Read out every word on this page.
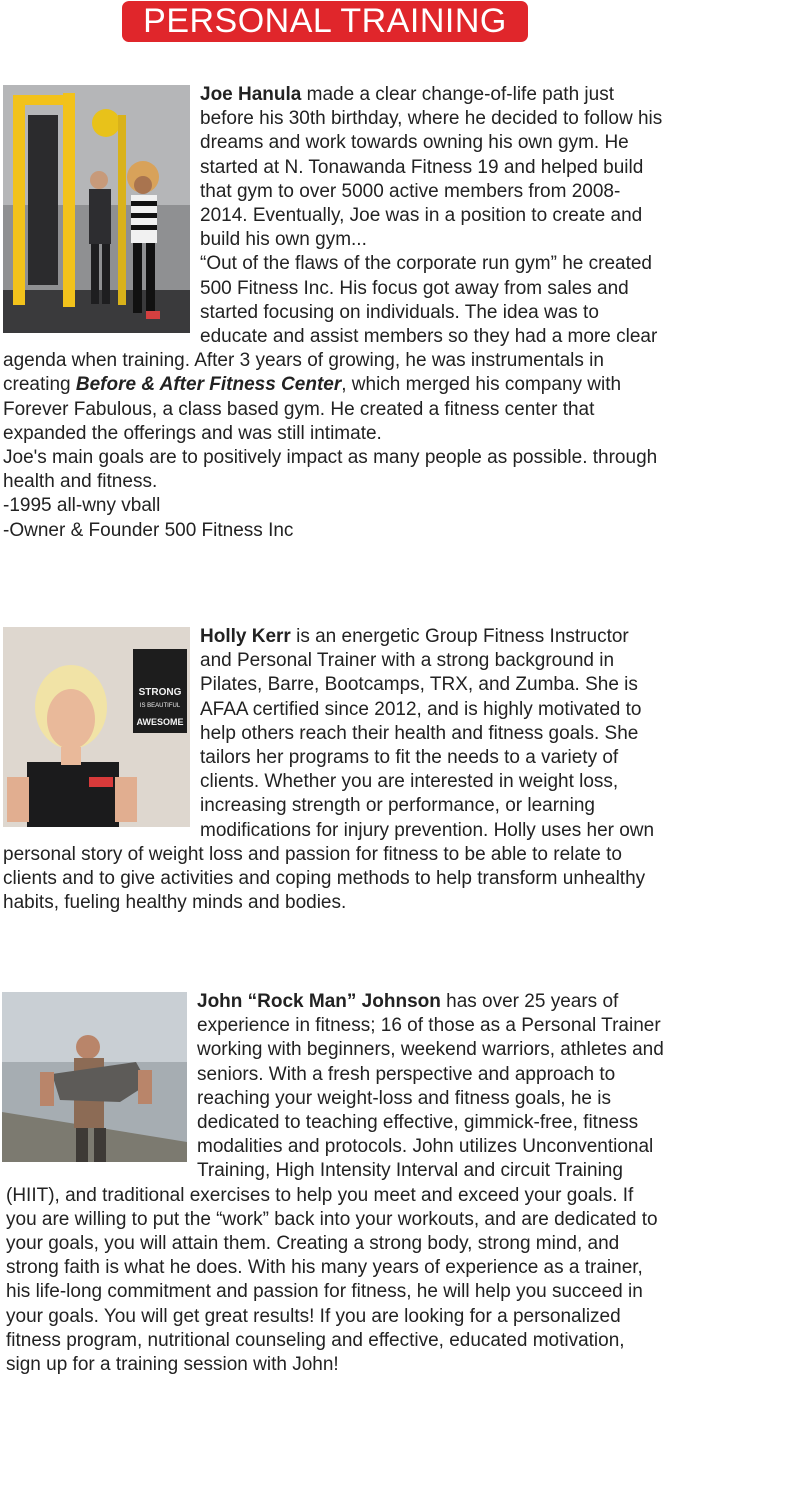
PERSONAL TRAINING

Joe Hanula made a clear change-of-life path just before his 30th birthday, where he decided to follow his dreams and work towards owning his own gym. He started at N. Tonawanda Fitness 19 and helped build that gym to over 5000 active members from 2008-2014. Eventually, Joe was in a position to create and build his own gym...

“Out of the flaws of the corporate run gym” he created 500 Fitness Inc. His focus got away from sales and started focusing on individuals. The idea was to educate and assist members so they had a more clear agenda when training. After 3 years of growing, he was instrumentals in creating Before & After Fitness Center, which merged his company with Forever Fabulous, a class based gym. He created a fitness center that expanded the offerings and was still intimate.

Joe's main goals are to positively impact as many people as possible. through health and fitness.

-1995 all-wny vball

-Owner & Founder 500 Fitness Inc

STRONG
IS BEAUTIFUL
AWESOME

Holly Kerr is an energetic Group Fitness Instructor and Personal Trainer with a strong background in Pilates, Barre, Bootcamps, TRX, and Zumba. She is AFAA certified since 2012, and is highly motivated to help others reach their health and fitness goals. She tailors her programs to fit the needs to a variety of clients. Whether you are interested in weight loss, increasing strength or performance, or learning modifications for injury prevention. Holly uses her own personal story of weight loss and passion for fitness to be able to relate to clients and to give activities and coping methods to help transform unhealthy habits, fueling healthy minds and bodies.

John “Rock Man” Johnson has over 25 years of experience in fitness; 16 of those as a Personal Trainer working with beginners, weekend warriors, athletes and seniors. With a fresh perspective and approach to reaching your weight-loss and fitness goals, he is dedicated to teaching effective, gimmick-free, fitness modalities and protocols. John utilizes Unconventional Training, High Intensity Interval and circuit Training (HIIT), and traditional exercises to help you meet and exceed your goals. If you are willing to put the “work” back into your workouts, and are dedicated to your goals, you will attain them. Creating a strong body, strong mind, and strong faith is what he does. With his many years of experience as a trainer, his life-long commitment and passion for fitness, he will help you succeed in your goals. You will get great results! If you are looking for a personalized fitness program, nutritional counseling and effective, educated motivation, sign up for a training session with John!
